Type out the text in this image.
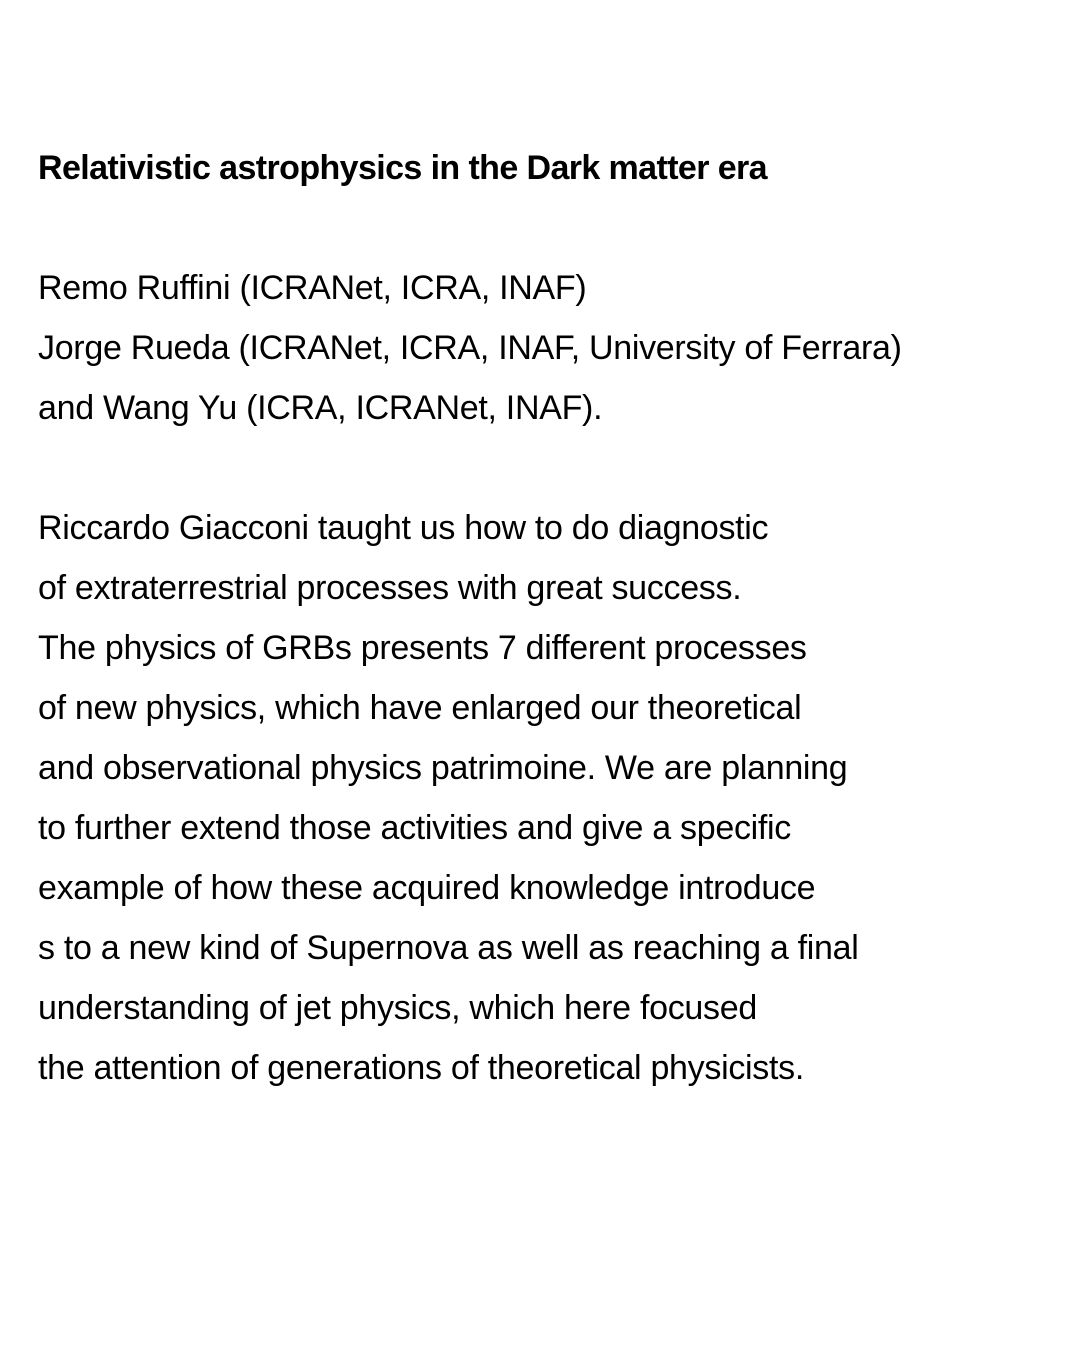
Relativistic astrophysics in the Dark matter era
Remo Ruffini (ICRANet, ICRA, INAF)
Jorge Rueda (ICRANet, ICRA, INAF, University of Ferrara)
and Wang Yu (ICRA, ICRANet, INAF).
Riccardo Giacconi taught us how to do diagnostic
of extraterrestrial processes with great success.
The physics of GRBs presents 7 different processes
of new physics, which have enlarged our theoretical
and observational physics patrimoine. We are planning
to further extend those activities and give a specific
example of how these acquired knowledge introduce
s to a new kind of Supernova as well as reaching a final
understanding of jet physics, which here focused
the attention of generations of theoretical physicists.
